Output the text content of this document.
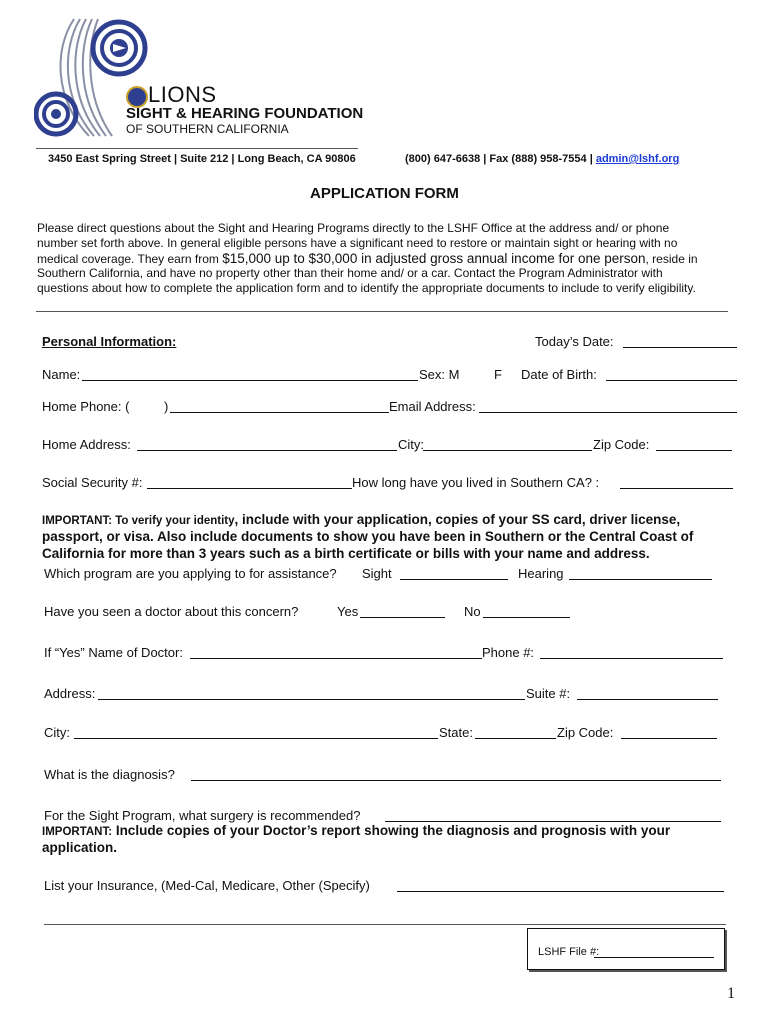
LIONS
SIGHT & HEARING FOUNDATION
OF SOUTHERN CALIFORNIA
3450 East Spring Street | Suite 212 | Long Beach, CA 90806	(800) 647-6638 | Fax (888) 958-7554 | admin@lshf.org
APPLICATION FORM
Please direct questions about the Sight and Hearing Programs directly to the LSHF Office at the address and/ or phone
number set forth above. In general eligible persons have a significant need to restore or maintain sight or hearing with no
medical coverage. They earn from $15,000 up to $30,000 in adjusted gross annual income for one person, reside in
Southern California, and have no property other than their home and/ or a car. Contact the Program Administrator with
questions about how to complete the application form and to identify the appropriate documents to include to verify eligibility.
Personal Information:	Today’s Date:
Name:	Sex: M	F Date of Birth:
Home Phone: (	)	Email Address:
Home Address:	City:	Zip Code:
Social Security #:	How long have you lived in Southern CA? :
IMPORTANT: To verify your identity, include with your application, copies of your SS card, driver license,
passport, or visa. Also include documents to show you have been in Southern or the Central Coast of
California for more than 3 years such as a birth certificate or bills with your name and address.
Which program are you applying to for assistance? Sight	Hearing
Have you seen a doctor about this concern?	Yes	No
If “Yes” Name of Doctor:	Phone #:
Address:	Suite #:
City:	State:	Zip Code:
What is the diagnosis?
For the Sight Program, what surgery is recommended?
IMPORTANT: Include copies of your Doctor’s report showing the diagnosis and prognosis with your
application.
List your Insurance, (Med-Cal, Medicare, Other (Specify)
LSHF File #:
1
